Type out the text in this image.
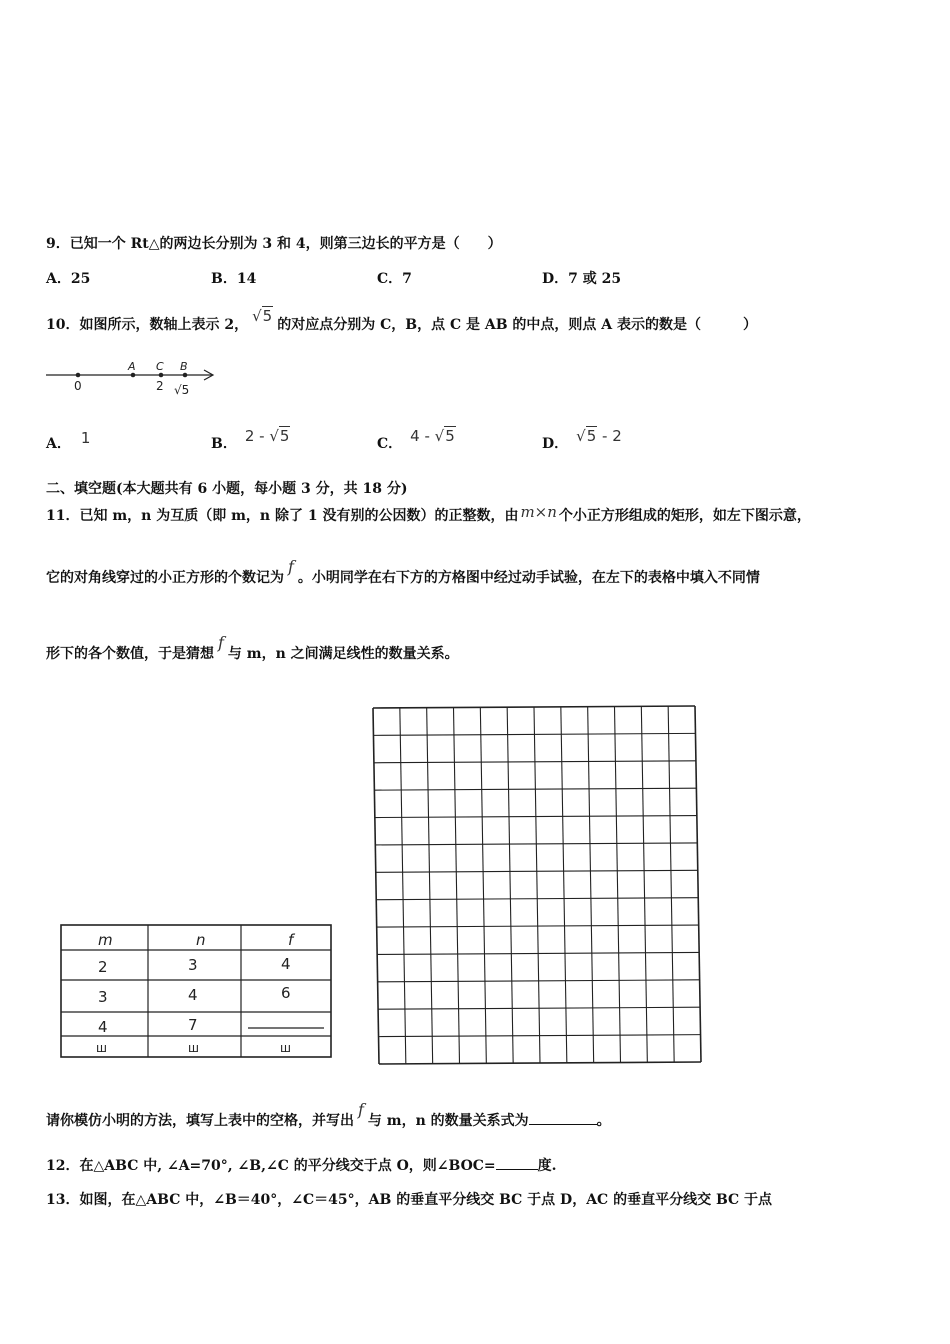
9．已知一个 Rt△的两边长分别为 3 和 4，则第三边长的平方是（　　）
A．25	B．14	C．7	D．7 或 25
10．如图所示，数轴上表示 2， √5 的对应点分别为 C，B，点 C 是 AB 的中点，则点 A 表示的数是（　　　）
0
A C
2
B
√5
A． 1	B． 2 - √5	C． 4 - √5	D． √5 - 2
二、填空题(本大题共有 6 小题，每小题 3 分，共 18 分)
11．已知 m，n 为互质（即 m，n 除了 1 没有别的公因数）的正整数，由 m×n 个小正方形组成的矩形，如左下图示意，
它的对角线穿过的小正方形的个数记为f。小明同学在右下方的方格图中经过动手试验，在左下的表格中填入不同情
形下的各个数值，于是猜想f与 m，n 之间满足线性的数量关系。
m	n	f
2	3	4
3	4	6
4	7
ш	ш	ш
请你模仿小明的方法，填写上表中的空格，并写出f与 m，n 的数量关系式为	。
12．在△ABC 中, ∠A=70°, ∠B,∠C 的平分线交于点 O，则∠BOC=	度.
13．如图，在△ABC 中，∠B＝40°，∠C＝45°，AB 的垂直平分线交 BC 于点 D，AC 的垂直平分线交 BC 于点
